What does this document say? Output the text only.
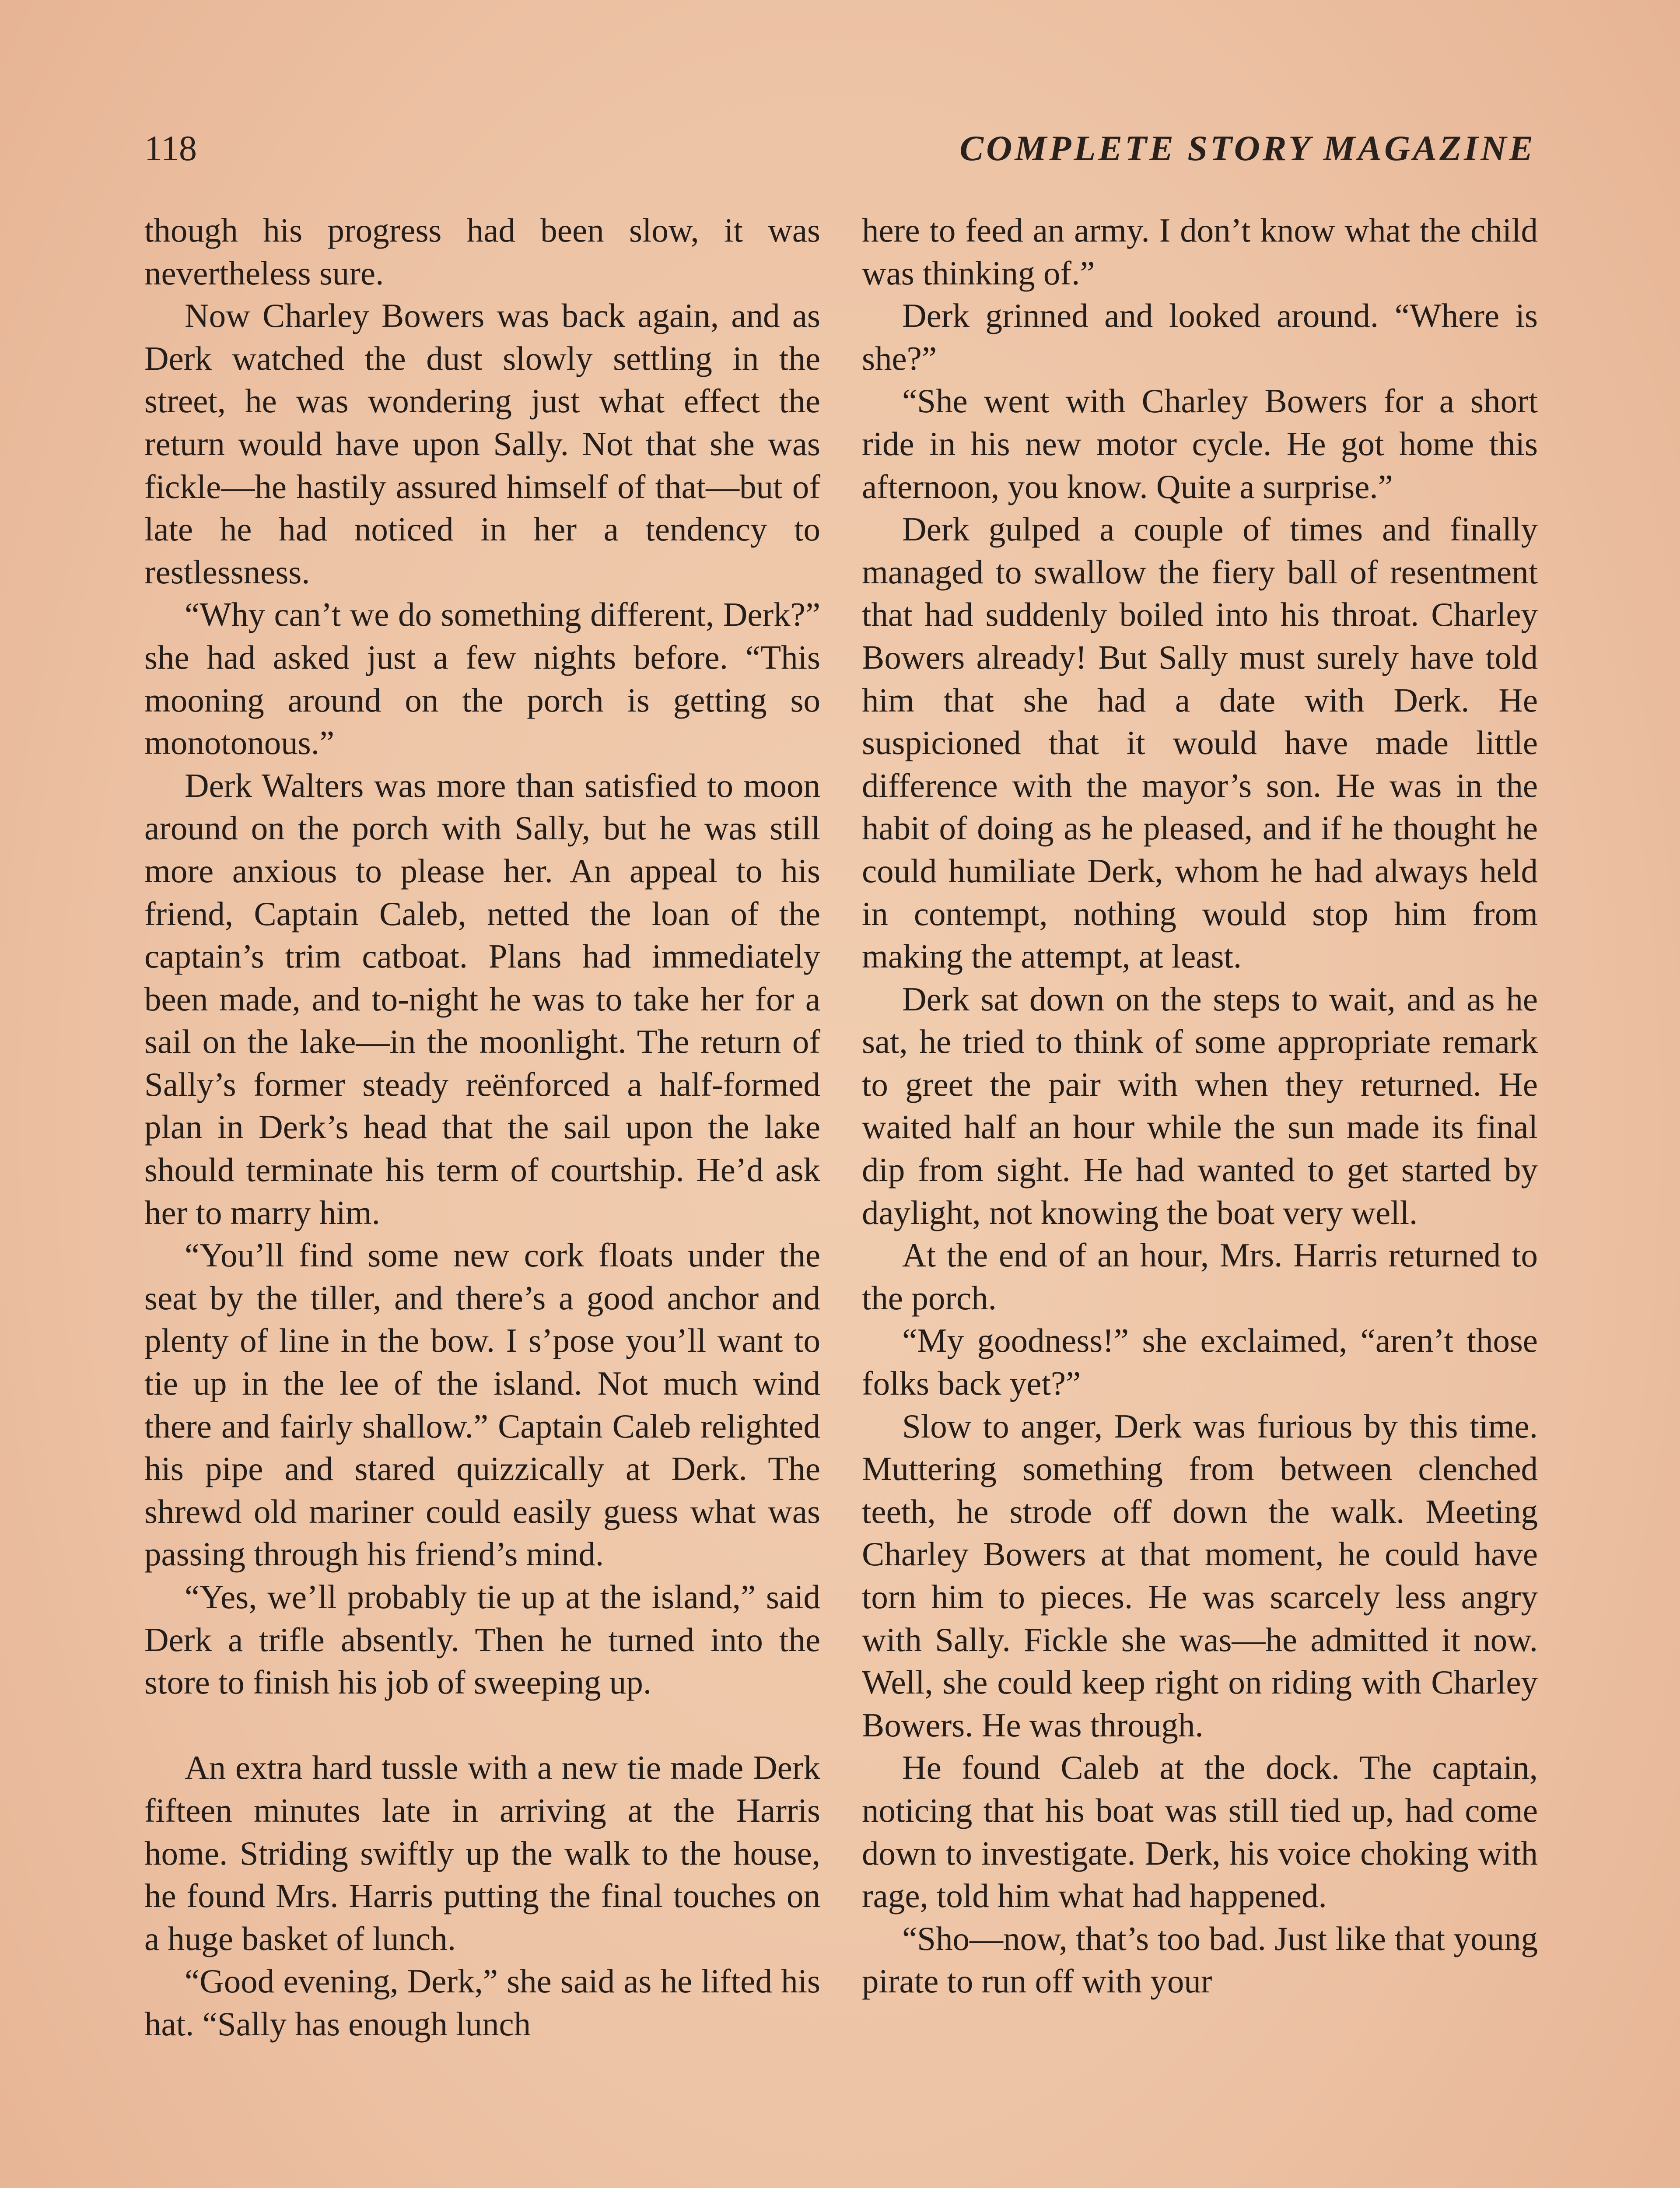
118	COMPLETE STORY MAGAZINE

though his progress had been slow, it was nevertheless sure.

Now Charley Bowers was back again, and as Derk watched the dust slowly settling in the street, he was wondering just what effect the return would have upon Sally. Not that she was fickle—he hastily assured himself of that—but of late he had noticed in her a tendency to restlessness.

“Why can’t we do something different, Derk?” she had asked just a few nights before. “This mooning around on the porch is getting so monotonous.”

Derk Walters was more than satisfied to moon around on the porch with Sally, but he was still more anxious to please her. An appeal to his friend, Captain Caleb, netted the loan of the captain’s trim catboat. Plans had immediately been made, and to-night he was to take her for a sail on the lake—in the moonlight. The return of Sally’s former steady reënforced a half-formed plan in Derk’s head that the sail upon the lake should terminate his term of courtship. He’d ask her to marry him.

“You’ll find some new cork floats under the seat by the tiller, and there’s a good anchor and plenty of line in the bow. I s’pose you’ll want to tie up in the lee of the island. Not much wind there and fairly shallow.” Captain Caleb relighted his pipe and stared quizzically at Derk. The shrewd old mariner could easily guess what was passing through his friend’s mind.

“Yes, we’ll probably tie up at the island,” said Derk a trifle absently. Then he turned into the store to finish his job of sweeping up.

An extra hard tussle with a new tie made Derk fifteen minutes late in arriving at the Harris home. Striding swiftly up the walk to the house, he found Mrs. Harris putting the final touches on a huge basket of lunch.

“Good evening, Derk,” she said as he lifted his hat. “Sally has enough lunch

here to feed an army. I don’t know what the child was thinking of.”

Derk grinned and looked around. “Where is she?”

“She went with Charley Bowers for a short ride in his new motor cycle. He got home this afternoon, you know. Quite a surprise.”

Derk gulped a couple of times and finally managed to swallow the fiery ball of resentment that had suddenly boiled into his throat. Charley Bowers already! But Sally must surely have told him that she had a date with Derk. He suspicioned that it would have made little difference with the mayor’s son. He was in the habit of doing as he pleased, and if he thought he could humiliate Derk, whom he had always held in contempt, nothing would stop him from making the attempt, at least.

Derk sat down on the steps to wait, and as he sat, he tried to think of some appropriate remark to greet the pair with when they returned. He waited half an hour while the sun made its final dip from sight. He had wanted to get started by daylight, not knowing the boat very well.

At the end of an hour, Mrs. Harris returned to the porch.

“My goodness!” she exclaimed, “aren’t those folks back yet?”

Slow to anger, Derk was furious by this time. Muttering something from between clenched teeth, he strode off down the walk. Meeting Charley Bowers at that moment, he could have torn him to pieces. He was scarcely less angry with Sally. Fickle she was—he admitted it now. Well, she could keep right on riding with Charley Bowers. He was through.

He found Caleb at the dock. The captain, noticing that his boat was still tied up, had come down to investigate. Derk, his voice choking with rage, told him what had happened.

“Sho—now, that’s too bad. Just like that young pirate to run off with your
